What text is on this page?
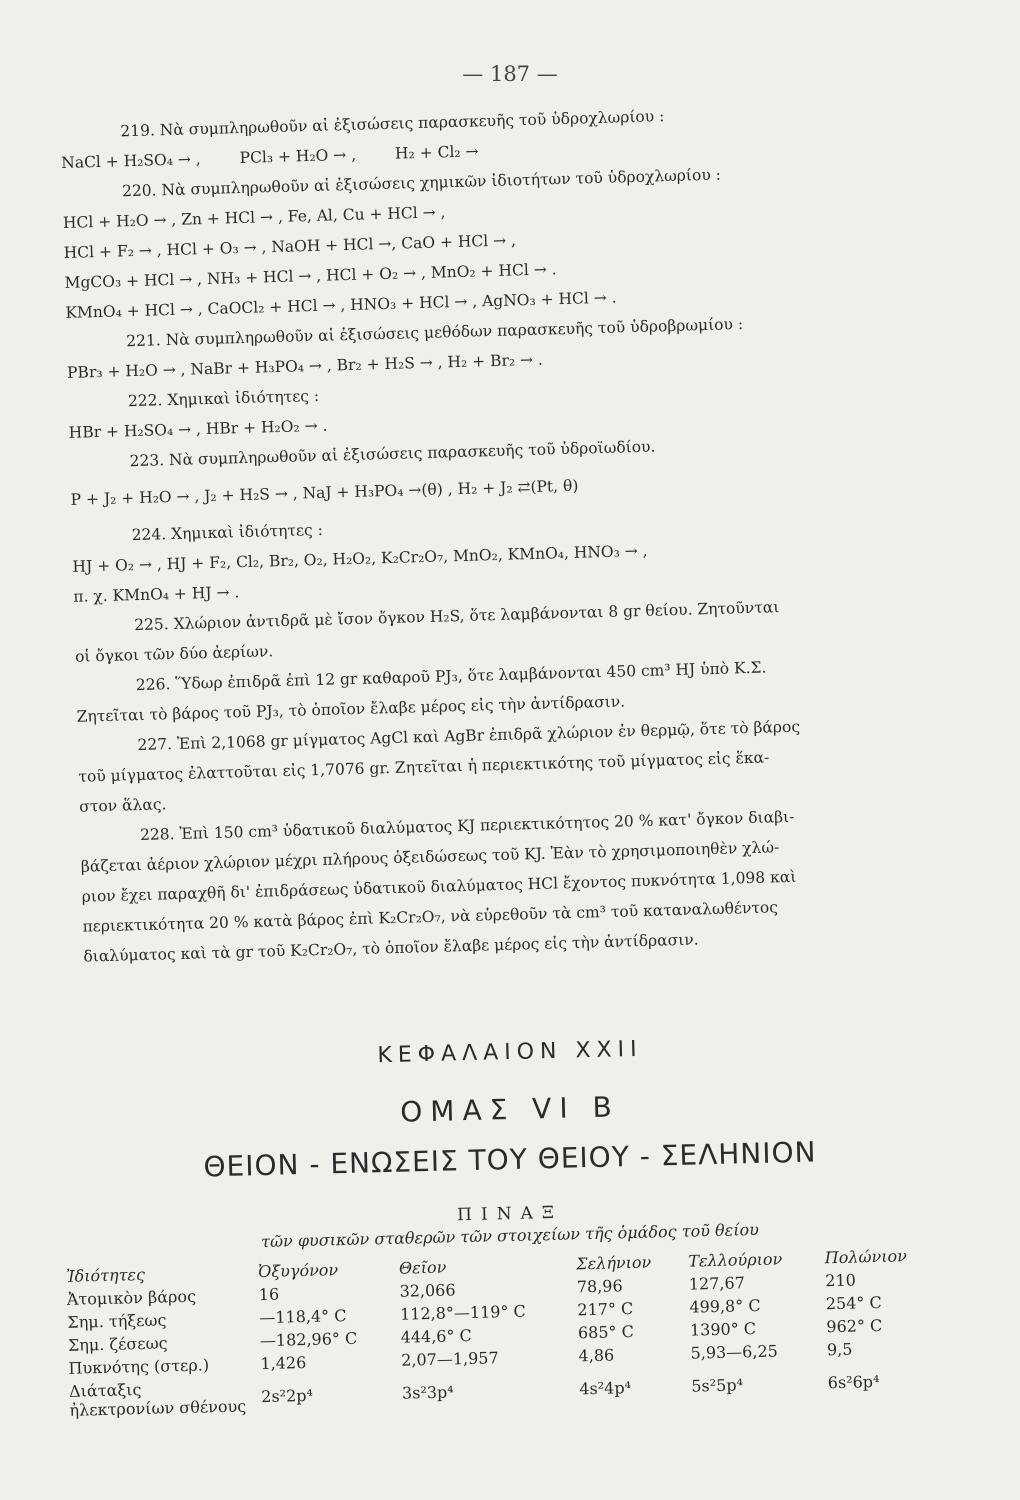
— 187 —
219. Νὰ συμπληρωθοῦν αἱ ἐξισώσεις παρασκευῆς τοῦ ὑδροχλωρίου :
NaCl + H₂SO₄ → , PCl₃ + H₂O → , H₂ + Cl₂ →
220. Νὰ συμπληρωθοῦν αἱ ἐξισώσεις χημικῶν ἰδιοτήτων τοῦ ὑδροχλωρίου :
HCl + H₂O → , Zn + HCl → , Fe, Al, Cu + HCl → ,
HCl + F₂ → , HCl + O₃ → , NaOH + HCl →, CaO + HCl → ,
MgCO₃ + HCl → , NH₃ + HCl → , HCl + O₂ → , MnO₂ + HCl → .
KMnO₄ + HCl → , CaOCl₂ + HCl → , HNO₃ + HCl → , AgNO₃ + HCl → .
221. Νὰ συμπληρωθοῦν αἱ ἐξισώσεις μεθόδων παρασκευῆς τοῦ ὑδροβρωμίου :
PBr₃ + H₂O → , NaBr + H₃PO₄ → , Br₂ + H₂S → , H₂ + Br₂ → .
222. Χημικαὶ ἰδιότητες :
HBr + H₂SO₄ → , HBr + H₂O₂ → .
223. Νὰ συμπληρωθοῦν αἱ ἐξισώσεις παρασκευῆς τοῦ ὑδροϊωδίου.
P + J₂ + H₂O → , J₂ + H₂S → , NaJ + H₃PO₄ →(θ) , H₂ + J₂ ⇄(Pt, θ)
224. Χημικαὶ ἰδιότητες :
HJ + O₂ → , HJ + F₂, Cl₂, Br₂, O₂, H₂O₂, K₂Cr₂O₇, MnO₂, KMnO₄, HNO₃ → ,
π. χ. KMnO₄ + HJ → .
225. Χλώριον ἀντιδρᾶ μὲ ἴσον ὄγκον H₂S, ὅτε λαμβάνονται 8 gr θείου. Ζητοῦνται
οἱ ὄγκοι τῶν δύο ἀερίων.
226. Ὕδωρ ἐπιδρᾶ ἐπὶ 12 gr καθαροῦ PJ₃, ὅτε λαμβάνονται 450 cm³ HJ ὑπὸ Κ.Σ.
Ζητεῖται τὸ βάρος τοῦ PJ₃, τὸ ὁποῖον ἔλαβε μέρος εἰς τὴν ἀντίδρασιν.
227. Ἐπὶ 2,1068 gr μίγματος AgCl καὶ AgBr ἐπιδρᾶ χλώριον ἐν θερμῷ, ὅτε τὸ βάρος
τοῦ μίγματος ἐλαττοῦται εἰς 1,7076 gr. Ζητεῖται ἡ περιεκτικότης τοῦ μίγματος εἰς ἕκα-
στον ἅλας.
228. Ἐπὶ 150 cm³ ὑδατικοῦ διαλύματος KJ περιεκτικότητος 20 % κατ' ὄγκον διαβι-
βάζεται ἀέριον χλώριον μέχρι πλήρους ὀξειδώσεως τοῦ KJ. Ἐὰν τὸ χρησιμοποιηθὲν χλώ-
ριον ἔχει παραχθῆ δι' ἐπιδράσεως ὑδατικοῦ διαλύματος HCl ἔχοντος πυκνότητα 1,098 καὶ
περιεκτικότητα 20 % κατὰ βάρος ἐπὶ K₂Cr₂O₇, νὰ εὑρεθοῦν τὰ cm³ τοῦ καταναλωθέντος
διαλύματος καὶ τὰ gr τοῦ K₂Cr₂O₇, τὸ ὁποῖον ἔλαβε μέρος εἰς τὴν ἀντίδρασιν.
ΚΕΦΑΛΑΙΟΝ XXII
ΟΜΑΣ VI B
ΘΕΙΟΝ - ΕΝΩΣΕΙΣ ΤΟΥ ΘΕΙΟΥ - ΣΕΛΗΝΙΟΝ
ΠΙΝΑΞ
τῶν φυσικῶν σταθερῶν τῶν στοιχείων τῆς ὁμάδος τοῦ θείου
Ἰδιότητες	Ὀξυγόνον	Θεῖον	Σελήνιον	Τελλούριον	Πολώνιον
Ἀτομικὸν βάρος	16	32,066	78,96	127,67	210
Σημ. τήξεως	—118,4° C	112,8°—119° C	217° C	499,8° C	254° C
Σημ. ζέσεως	—182,96° C	444,6° C	685° C	1390° C	962° C
Πυκνότης (στερ.)	1,426	2,07—1,957	4,86	5,93—6,25	9,5
Διάταξις ἠλεκτρονίων σθένους	2s²2p⁴	3s²3p⁴	4s²4p⁴	5s²5p⁴	6s²6p⁴
